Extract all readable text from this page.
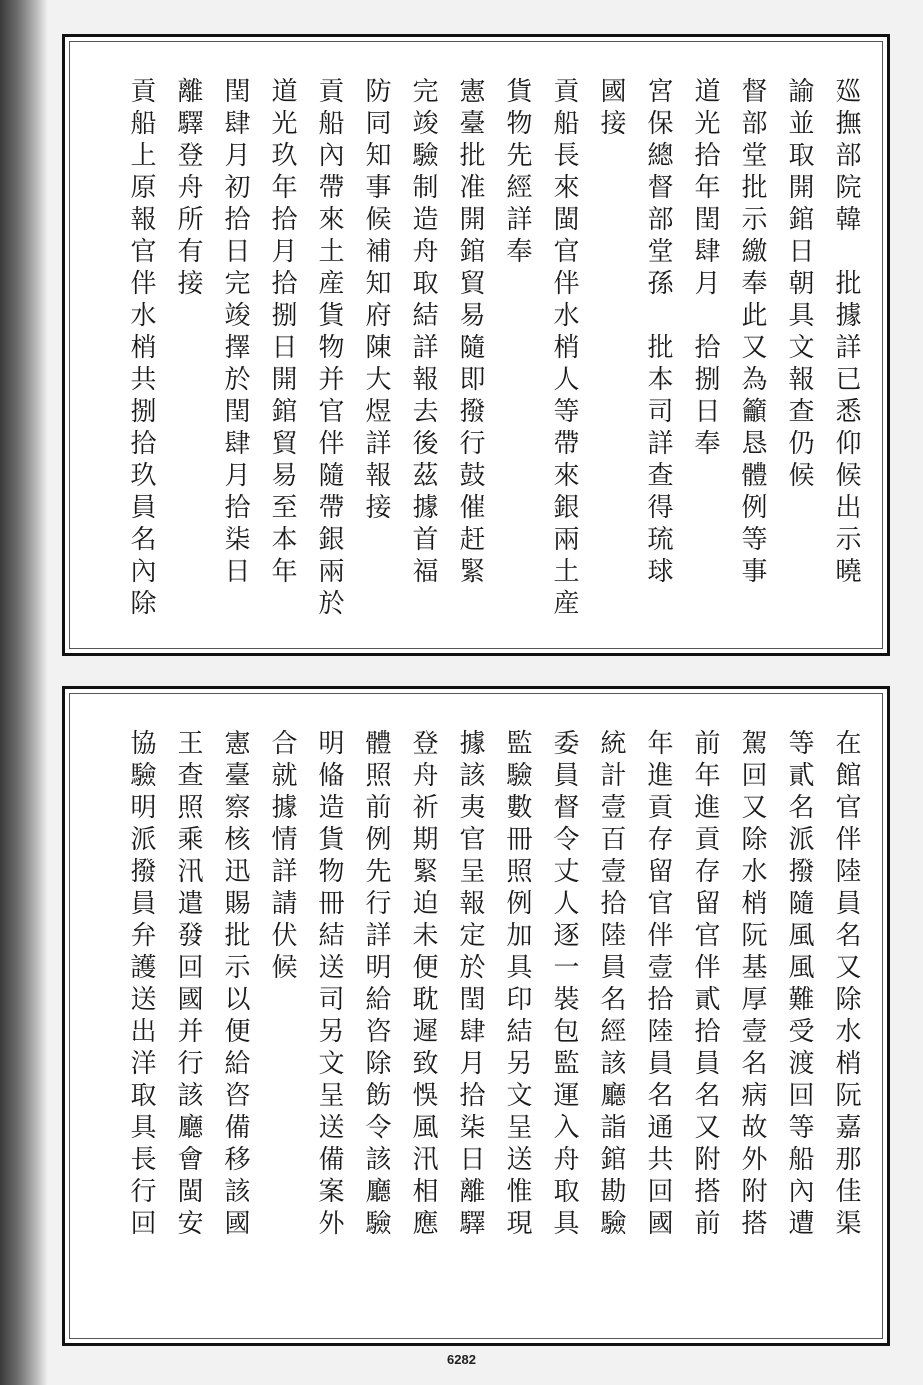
廵撫部院韓　批據詳已悉仰候出示曉
諭並取開錧日朝具文報查仍候
督部堂批示繳奉此又為籲恳體例等事
道光拾年閏肆月　拾捌日奉
宮保總督部堂孫　批本司詳查得琉球
國接
貢船長來閩官伴水梢人等帶來銀兩土産
貨物先經詳奉
憲臺批准開錧貿易隨即撥行鼓催赶緊
完竣驗制造舟取結詳報去後茲據首福
防同知事候補知府陳大煜詳報接
貢船內帶來土産貨物并官伴隨帶銀兩於
道光玖年拾月拾捌日開錧貿易至本年
閏肆月初拾日完竣擇於閏肆月拾柒日
離驛登舟所有接
貢船上原報官伴水梢共捌拾玖員名內除
在館官伴陸員名又除水梢阮嘉那佳渠
等貳名派撥隨風風難受渡回等船內遭
駕回又除水梢阮基厚壹名病故外附搭
前年進貢存留官伴貳拾員名又附搭前
年進貢存留官伴壹拾陸員名通共回國
統計壹百壹拾陸員名經該廳詣錧勘驗
委員督令丈人逐一裝包監運入舟取具
監驗數冊照例加具印結另文呈送惟現
據該夷官呈報定於閏肆月拾柒日離驛
登舟祈期緊迫未便耽遲致悞風汛相應
體照前例先行詳明給咨除飭令該廳驗
明偹造貨物冊結送司另文呈送備案外
合就據情詳請伏候
憲臺察核迅賜批示以便給咨備移該國
王查照乘汛遣發回國并行該廳會閩安
協驗明派撥員弁護送出洋取具長行回
6282
